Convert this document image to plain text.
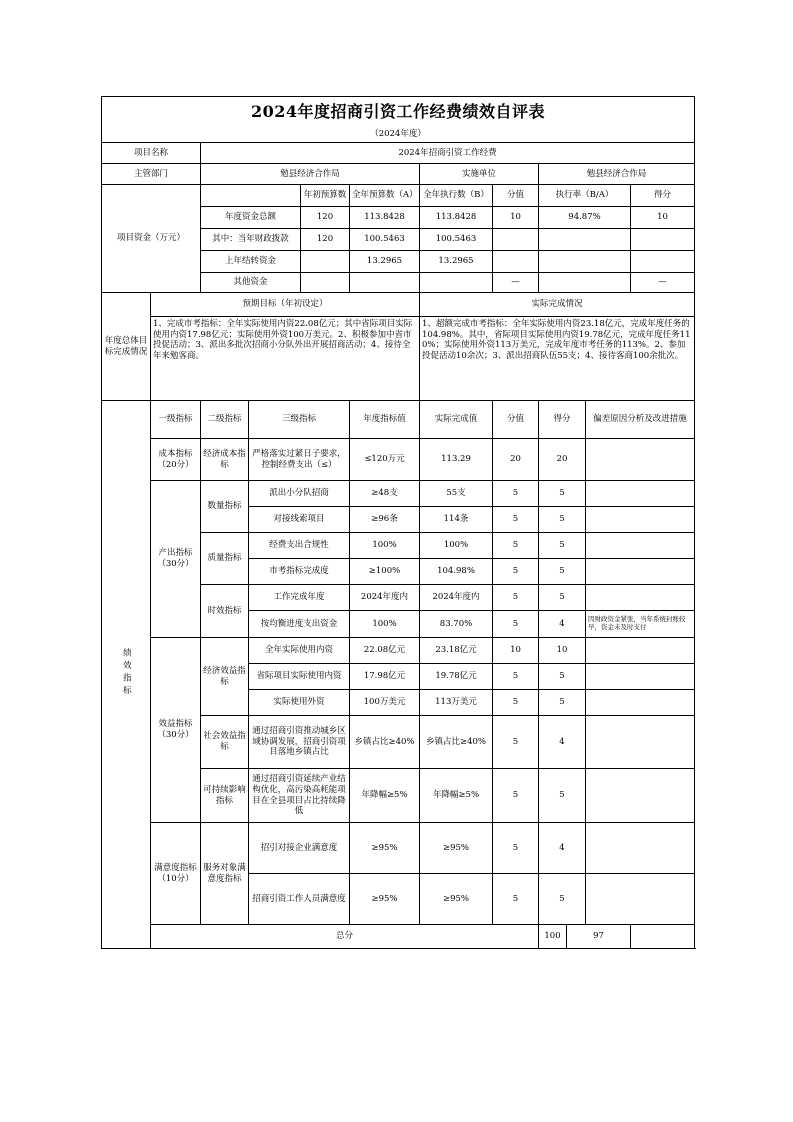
2024年度招商引资工作经费绩效自评表											
（2024年度）											
项目名称		2024年招商引资工作经费									
主管部门		勉县经济合作局				实施单位		勉县经济合作局			
项目资金（万元）				年初预算数	全年预算数（A）	全年执行数（B）	分值	执行率（B/A）			得分
		年度资金总额		120	113.8428	113.8428	10	94.87%			10
		其中：当年财政拨款		120	100.5463	100.5463					
		上年结转资金			13.2965	13.2965					
		其他资金					—				—
年度总体目标完成情况	预期目标（年初设定）					实际完成情况					
	1、完成市考指标：全年实际使用内资22.08亿元；其中省际项目实际使用内资17.98亿元；实际使用外资100万美元。2、积极参加中省市投促活动；3、派出多批次招商小分队外出开展招商活动；4、接待全年来勉客商。					1、超额完成市考指标：全年实际使用内资23.18亿元，完成年度任务的104.98%。其中，省际项目实际使用内资19.78亿元，完成年度任务110%；实际使用外资113万美元，完成年度市考任务的113%。2、参加投促活动10余次；3、派出招商队伍55支；4、接待客商100余批次。					
绩效指标	一级指标	二级指标	三级指标		年度指标值	实际完成值	分值	得分		偏差原因分析及改进措施	
	成本指标（20分）	经济成本指标	严格落实过紧日子要求，控制经费支出（≤）		≤120万元	113.29	20	20			
	产出指标（30分）	数量指标	派出小分队招商		≥48支	55支	5	5			
			对接线索项目		≥96条	114条	5	5			
		质量指标	经费支出合规性		100%	100%	5	5			
			市考指标完成度		≥100%	104.98%	5	5			
		时效指标	工作完成年度		2024年度内	2024年度内	5	5			
			按均衡进度支出资金		100%	83.70%	5	4		因财政资金紧张，当年系统封账较早，资金未及时支付	
	效益指标（30分）	经济效益指标	全年实际使用内资		22.08亿元	23.18亿元	10	10			
			省际项目实际使用内资		17.98亿元	19.78亿元	5	5			
			实际使用外资		100万美元	113万美元	5	5			
		社会效益指标	通过招商引资推动城乡区域协调发展，招商引资项目落地乡镇占比		乡镇占比≥40%	乡镇占比≥40%	5	4			
		可持续影响指标	通过招商引资延续产业结构优化，高污染高耗能项目在全县项目占比持续降低		年降幅≥5%	年降幅≥5%	5	5			
	满意度指标（10分）	服务对象满意度指标	招引对接企业满意度		≥95%	≥95%	5	4			
			招商引资工作人员满意度		≥95%	≥95%	5	5			
	总分							100	97		
